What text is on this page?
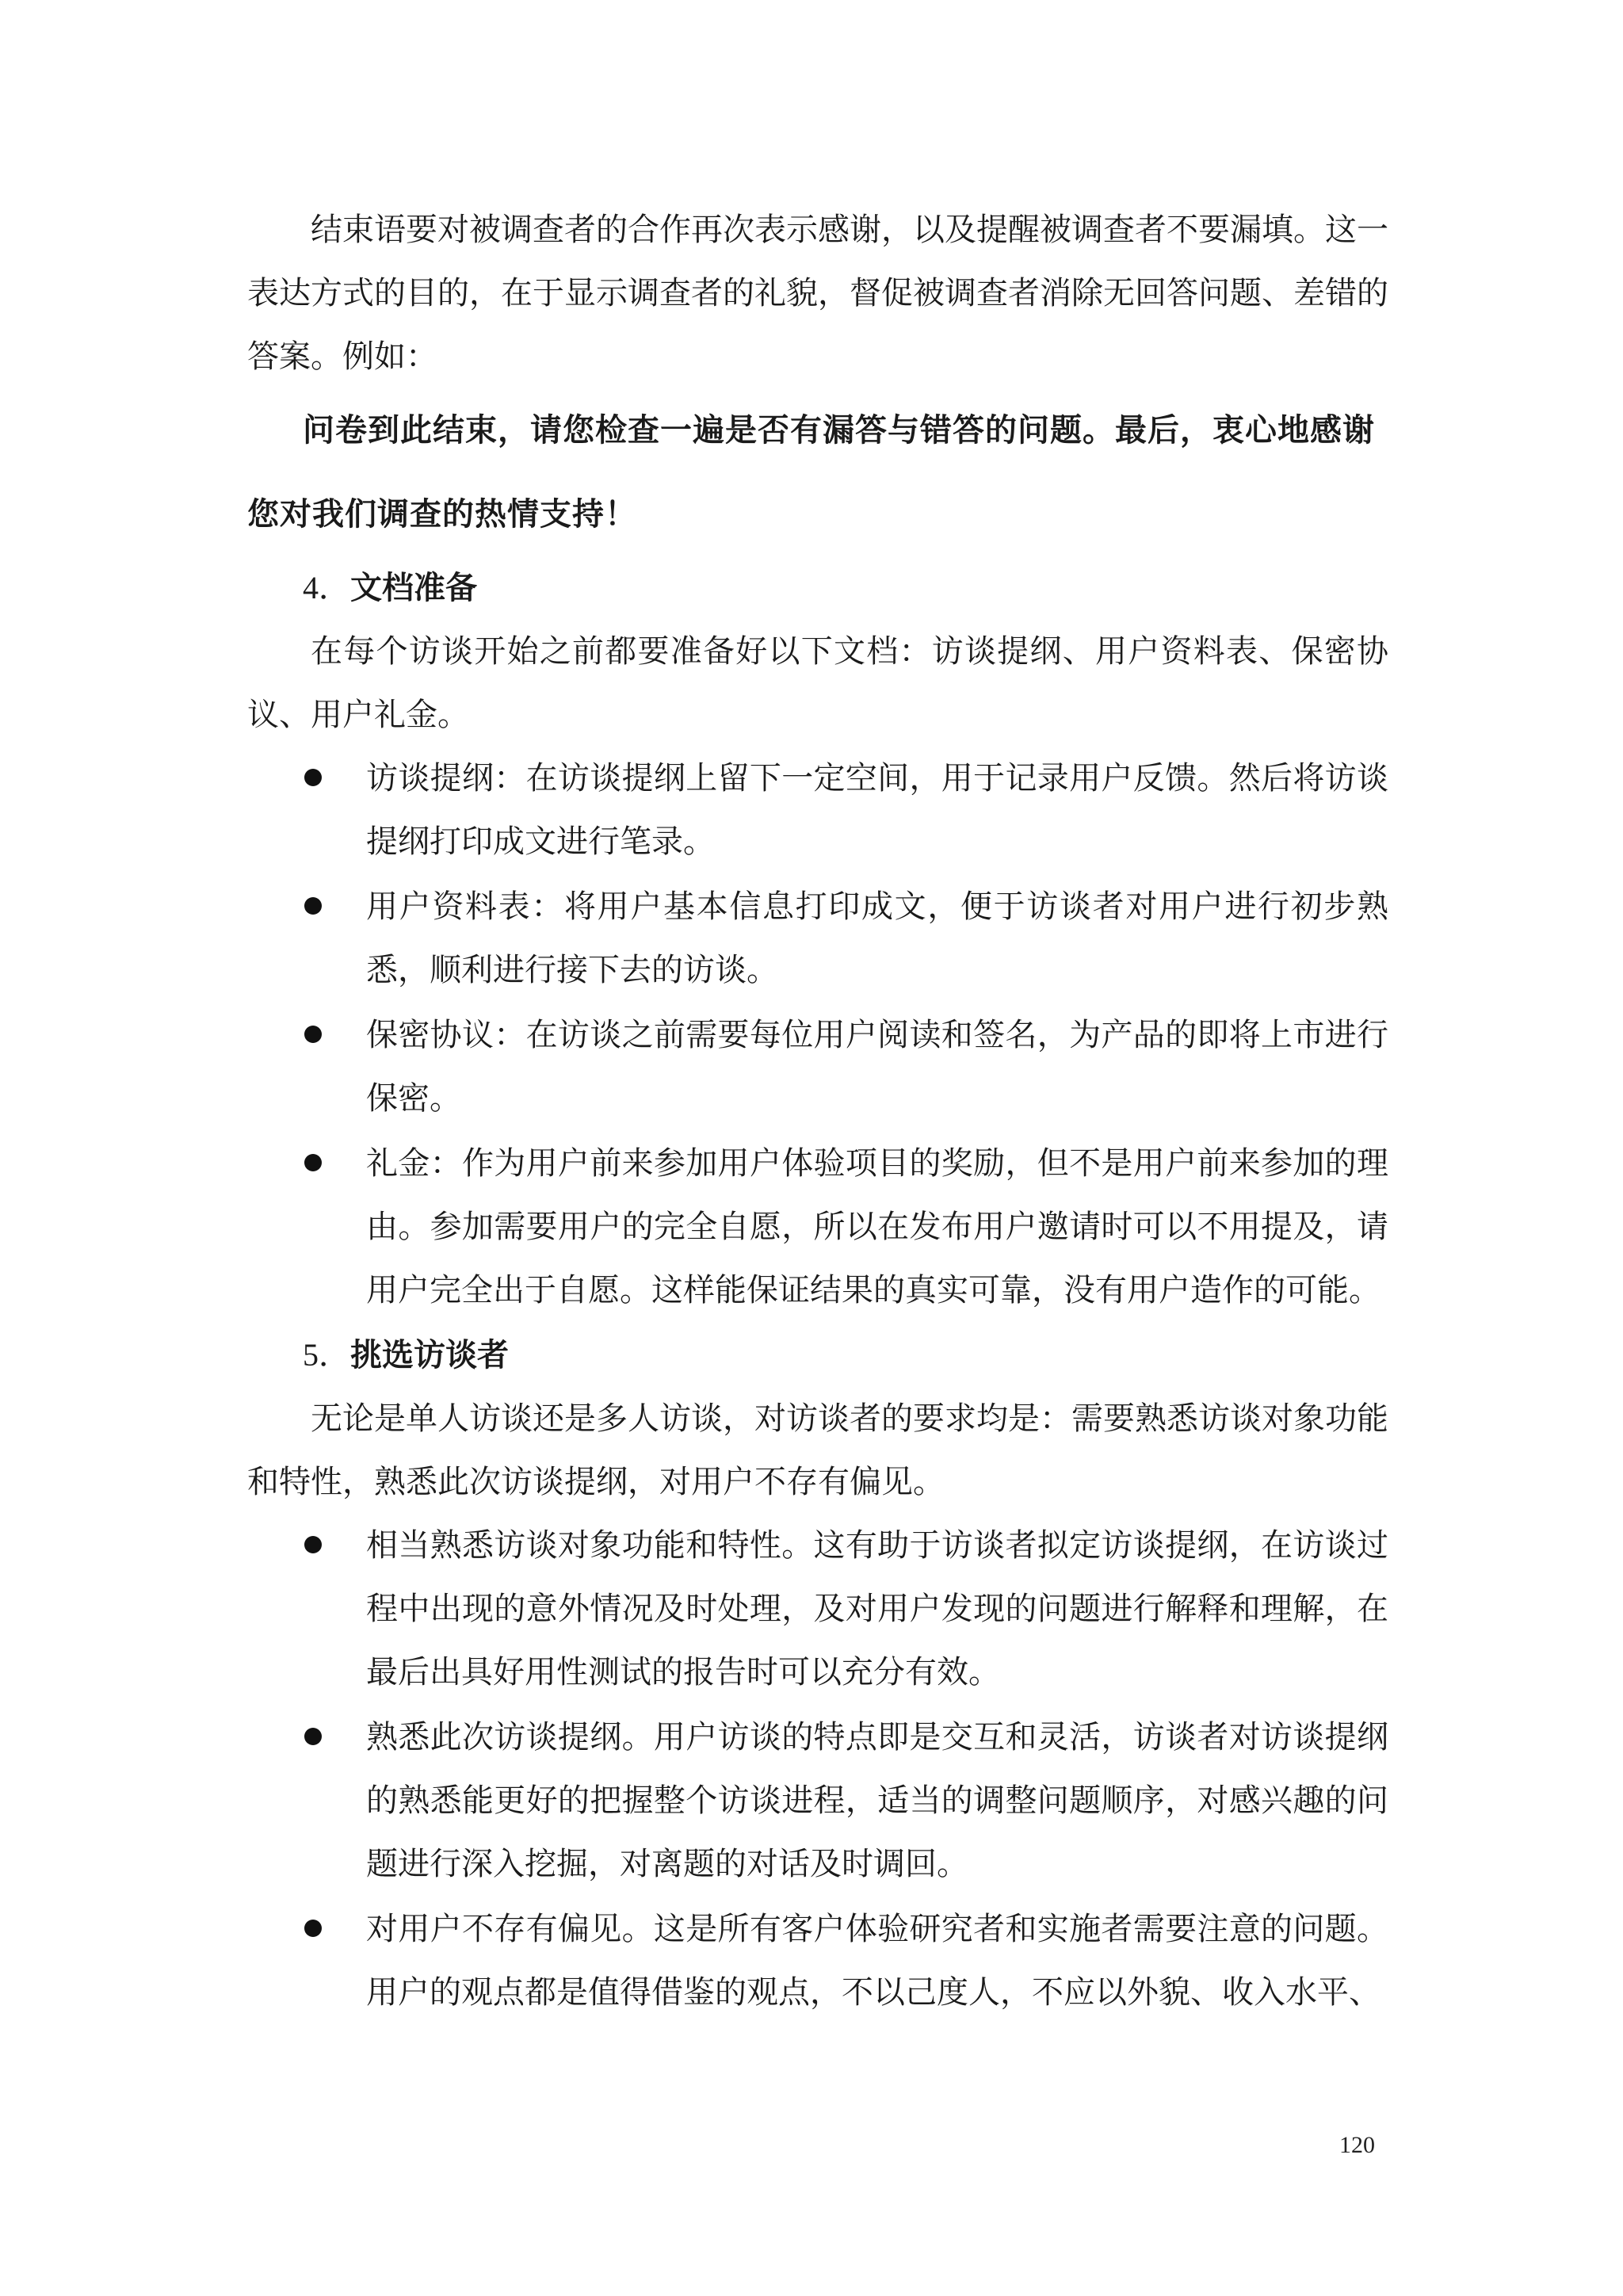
结束语要对被调查者的合作再次表示感谢，以及提醒被调查者不要漏填。这一表达方式的目的，在于显示调查者的礼貌，督促被调查者消除无回答问题、差错的答案。例如：

问卷到此结束，请您检查一遍是否有漏答与错答的问题。最后，衷心地感谢您对我们调查的热情支持！

4．文档准备

在每个访谈开始之前都要准备好以下文档：访谈提纲、用户资料表、保密协议、用户礼金。

访谈提纲：在访谈提纲上留下一定空间，用于记录用户反馈。然后将访谈提纲打印成文进行笔录。
用户资料表：将用户基本信息打印成文，便于访谈者对用户进行初步熟悉，顺利进行接下去的访谈。
保密协议：在访谈之前需要每位用户阅读和签名，为产品的即将上市进行保密。
礼金：作为用户前来参加用户体验项目的奖励，但不是用户前来参加的理由。参加需要用户的完全自愿，所以在发布用户邀请时可以不用提及，请用户完全出于自愿。这样能保证结果的真实可靠，没有用户造作的可能。

5．挑选访谈者

无论是单人访谈还是多人访谈，对访谈者的要求均是：需要熟悉访谈对象功能和特性，熟悉此次访谈提纲，对用户不存有偏见。

相当熟悉访谈对象功能和特性。这有助于访谈者拟定访谈提纲，在访谈过程中出现的意外情况及时处理，及对用户发现的问题进行解释和理解，在最后出具好用性测试的报告时可以充分有效。
熟悉此次访谈提纲。用户访谈的特点即是交互和灵活，访谈者对访谈提纲的熟悉能更好的把握整个访谈进程，适当的调整问题顺序，对感兴趣的问题进行深入挖掘，对离题的对话及时调回。
对用户不存有偏见。这是所有客户体验研究者和实施者需要注意的问题。用户的观点都是值得借鉴的观点，不以己度人，不应以外貌、收入水平、
120
